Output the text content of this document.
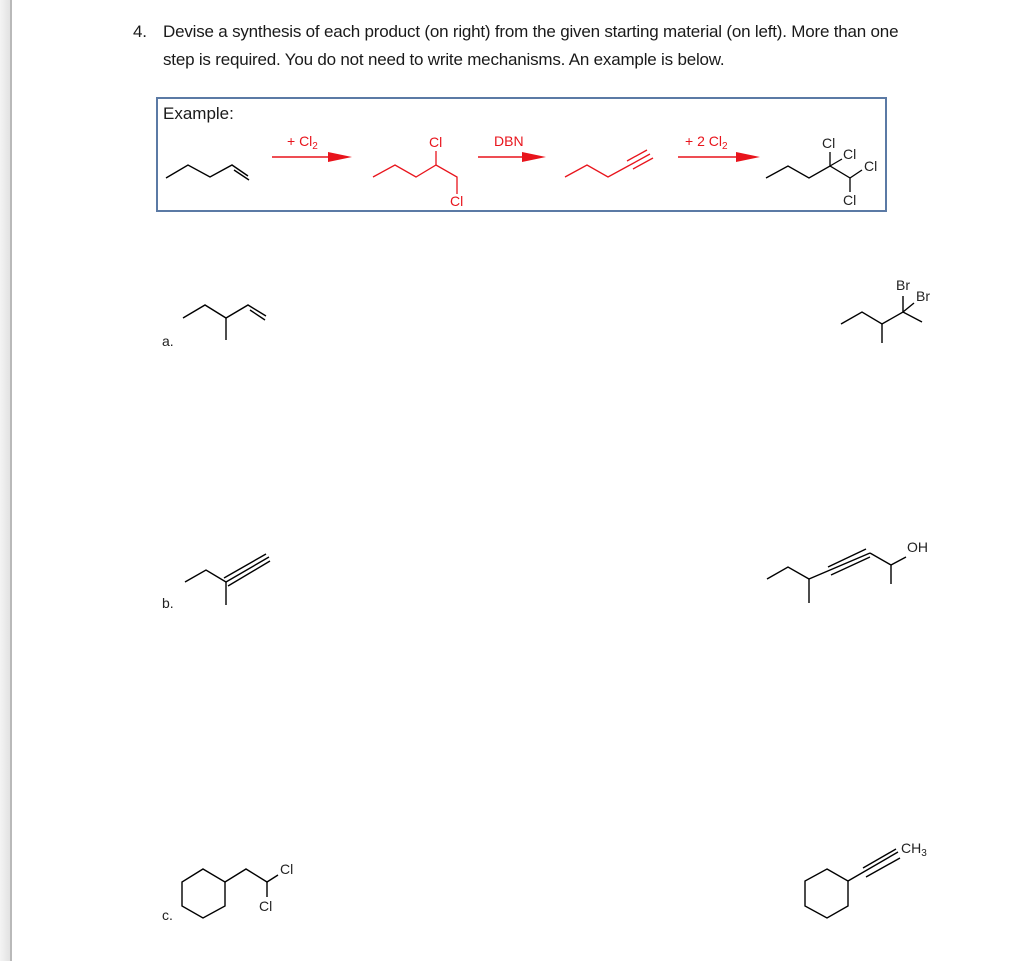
4. Devise a synthesis of each product (on right) from the given starting material (on left). More than one step is required. You do not need to write mechanisms. An example is below.
Example:
+ $Cl_2$	DBN	+ 2 $Cl_2$
Cl
Cl
Cl
Cl
Cl
Cl
Br
Br
OH
Cl
Cl
$CH_3$
a.
b.
c.
